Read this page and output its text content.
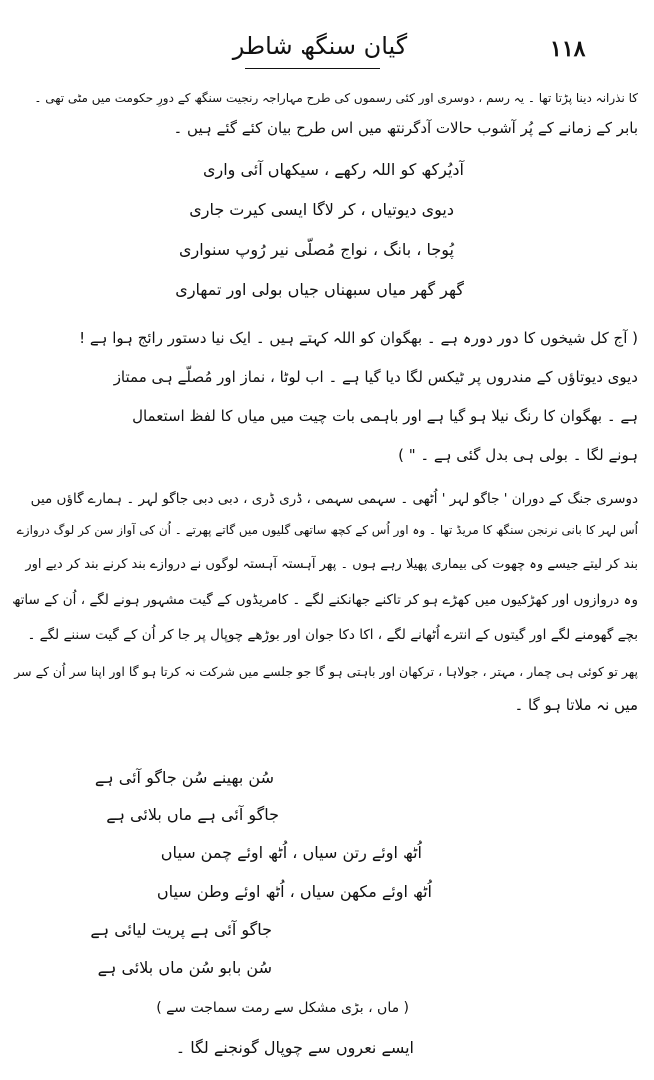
١١٨
گیان سنگھ شاطر
کا نذرانہ دینا پڑتا تھا ۔ یہ رسم ، دوسری اور کئی رسموں کی طرح مہاراجہ رنجیت سنگھ کے دورِ حکومت میں مٹی تھی ۔
بابر کے زمانے کے پُر آشوب حالات آدگرنتھ میں اس طرح بیان کئے گئے ہیں ۔
آدیُرکھ کو اللہ رکھے ، سیکھاں آئی واری
دیوی دیوتیاں ، کر لاگا ایسی کیرت جاری
پُوجا ، بانگ ، نواج مُصلّی نیر رُوپ سنواری
گھر گھر میاں سبھناں جیاں بولی اور تمھاری
( آج کل شیخوں کا دور دورہ ہے ۔ بھگوان کو اللہ کہتے ہیں ۔ ایک نیا دستور رائج ہوا ہے !
دیوی دیوتاؤں کے مندروں پر ٹیکس لگا دیا گیا ہے ۔ اب لوٹا ، نماز اور مُصلّے ہی ممتاز
ہے ۔ بھگوان کا رنگ نیلا ہو گیا ہے اور باہمی بات چیت میں میاں کا لفظ استعمال
ہونے لگا ۔ بولی ہی بدل گئی ہے ۔ " )
دوسری جنگ کے دوران ' جاگو لہر ' اُٹھی ۔ سہمی سہمی ، ڈری ڈری ، دبی دبی جاگو لہر ۔ ہمارے گاؤں میں
اُس لہر کا بانی نرنجن سنگھ کا مریڈ تھا ۔ وہ اور اُس کے کچھ ساتھی گلیوں میں گاتے پھرتے ۔ اُن کی آواز سن کر لوگ دروازے
بند کر لیتے جیسے وہ چھوت کی بیماری پھیلا رہے ہوں ۔ پھر آہستہ آہستہ لوگوں نے دروازے بند کرنے بند کر دیے اور
وہ دروازوں اور کھڑکیوں میں کھڑے ہو کر تاکنے جھانکنے لگے ۔ کامریڈوں کے گیت مشہور ہونے لگے ، اُن کے ساتھ
بچے گھومنے لگے اور گیتوں کے انترے اُٹھانے لگے ، اکا دکا جوان اور بوڑھے چوپال پر جا کر اُن کے گیت سننے لگے ۔
پھر تو کوئی ہی چمار ، مہتر ، جولاہا ، ترکھان اور باہتی ہو گا جو جلسے میں شرکت نہ کرتا ہو گا اور اپنا سر اُن کے سر
میں نہ ملاتا ہو گا ۔
سُن بھینے سُن جاگو آئی ہے
جاگو آئی ہے ماں بلائی ہے
اُٹھ اوئے رتن سیاں ، اُٹھ اوئے چمن سیاں
اُٹھ اوئے مکھن سیاں ، اُٹھ اوئے وطن سیاں
جاگو آئی ہے پریت لیائی ہے
سُن بابو سُن ماں بلائی ہے
( ماں ، بڑی مشکل سے رمت سماجت سے )
ایسے نعروں سے چوپال گونجنے لگا ۔
